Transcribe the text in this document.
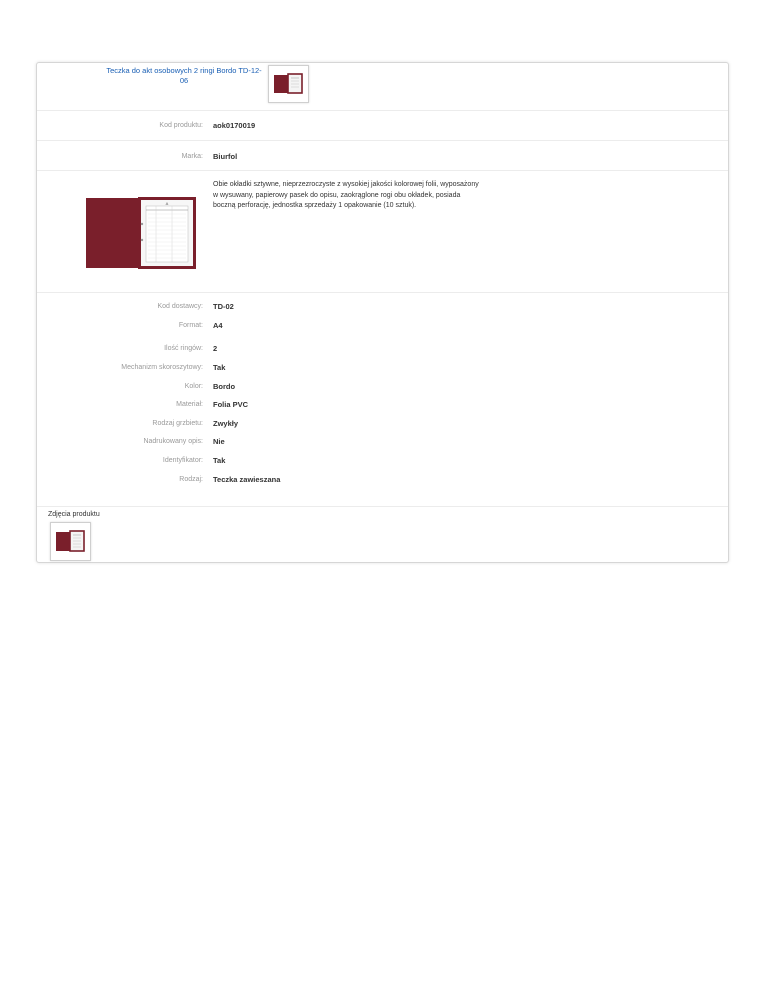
Teczka do akt osobowych 2 ringi Bordo TD-12-06
Kod produktu: aok0170019
Marka: Biurfol
A
Obie okładki sztywne, nieprzezroczyste z wysokiej jakości kolorowej folii, wyposażony w wysuwany, papierowy pasek do opisu, zaokrąglone rogi obu okładek, posiada boczną perforację, jednostka sprzedaży 1 opakowanie (10 sztuk).
Kod dostawcy: TD-02
Format: A4
Ilość ringów: 2
Mechanizm skoroszytowy: Tak
Kolor: Bordo
Materiał: Folia PVC
Rodzaj grzbietu: Zwykły
Nadrukowany opis: Nie
Identyfikator: Tak
Rodzaj: Teczka zawieszana
Zdjęcia produktu
